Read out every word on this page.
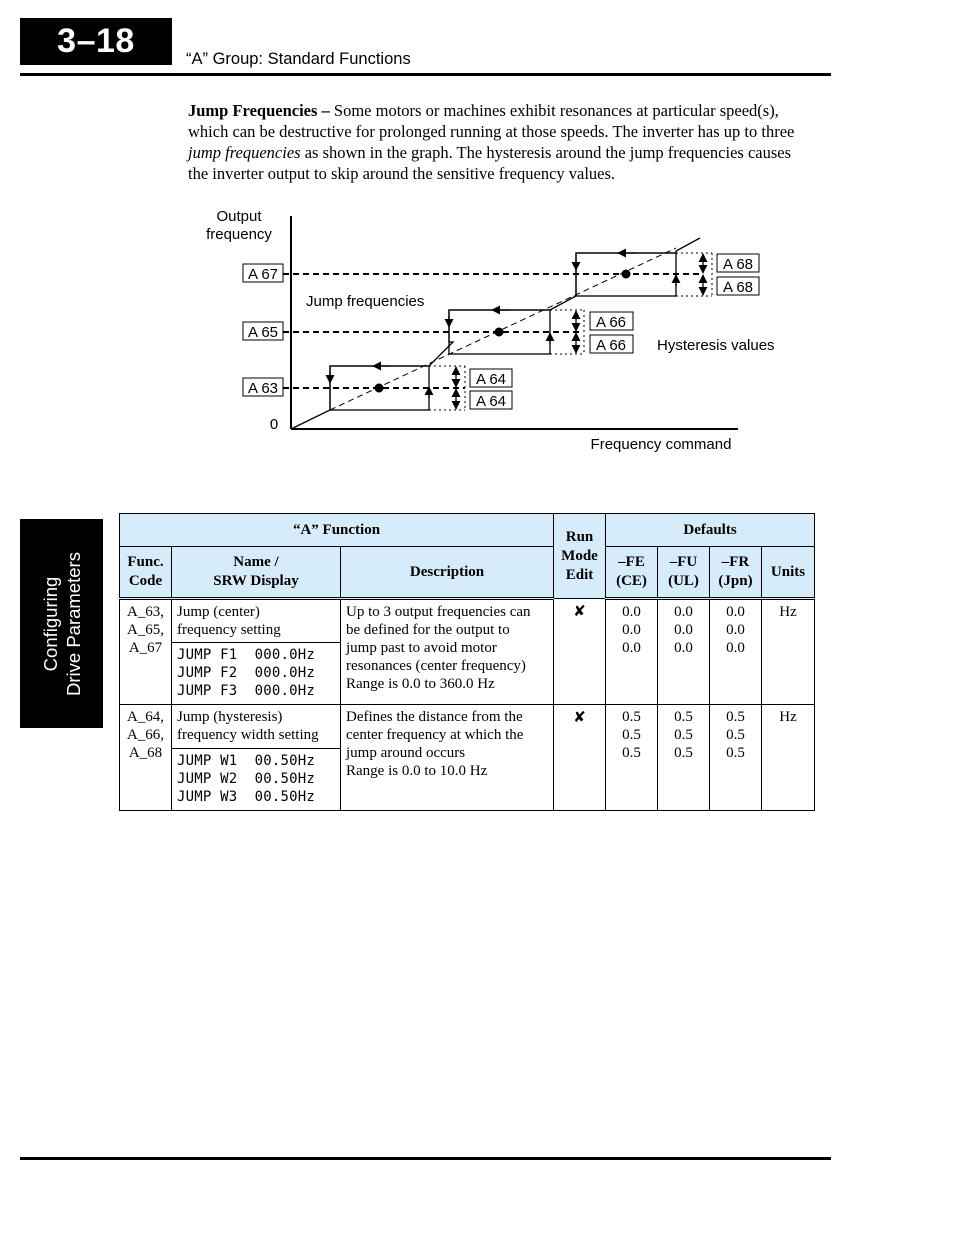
3–18	“A” Group: Standard Functions

Jump Frequencies – Some motors or machines exhibit resonances at particular speed(s), which can be destructive for prolonged running at those speeds. The inverter has up to three jump frequencies as shown in the graph. The hysteresis around the jump frequencies causes the inverter output to skip around the sensitive frequency values.

Output
frequency
0
Frequency command
Jump frequencies
Hysteresis values
A 67
A 65
A 63
A 64
A 64
A 66
A 66
A 68
A 68
Configuring Drive Parameters
“A” Function			Run
Mode
Edit	Defaults			

Func.
Code	Name /
SRW Display	Description		–FE
(CE)	–FU
(UL)	–FR
(Jpn)	Units

A_63,
A_65,
A_67	Jump (center)
frequency setting	Up to 3 output frequencies can
be defined for the output to
jump past to avoid motor
resonances (center frequency)
Range is 0.0 to 360.0 Hz	✘	0.0
0.0
0.0	0.0
0.0
0.0	0.0
0.0
0.0	Hz
	JUMP F1  000.0Hz
JUMP F2  000.0Hz
JUMP F3  000.0Hz						

A_64,
A_66,
A_68	Jump (hysteresis)
frequency width setting	Defines the distance from the
center frequency at which the
jump around occurs
Range is 0.0 to 10.0 Hz	✘	0.5
0.5
0.5	0.5
0.5
0.5	0.5
0.5
0.5	Hz
	JUMP W1  00.50Hz
JUMP W2  00.50Hz
JUMP W3  00.50Hz						
